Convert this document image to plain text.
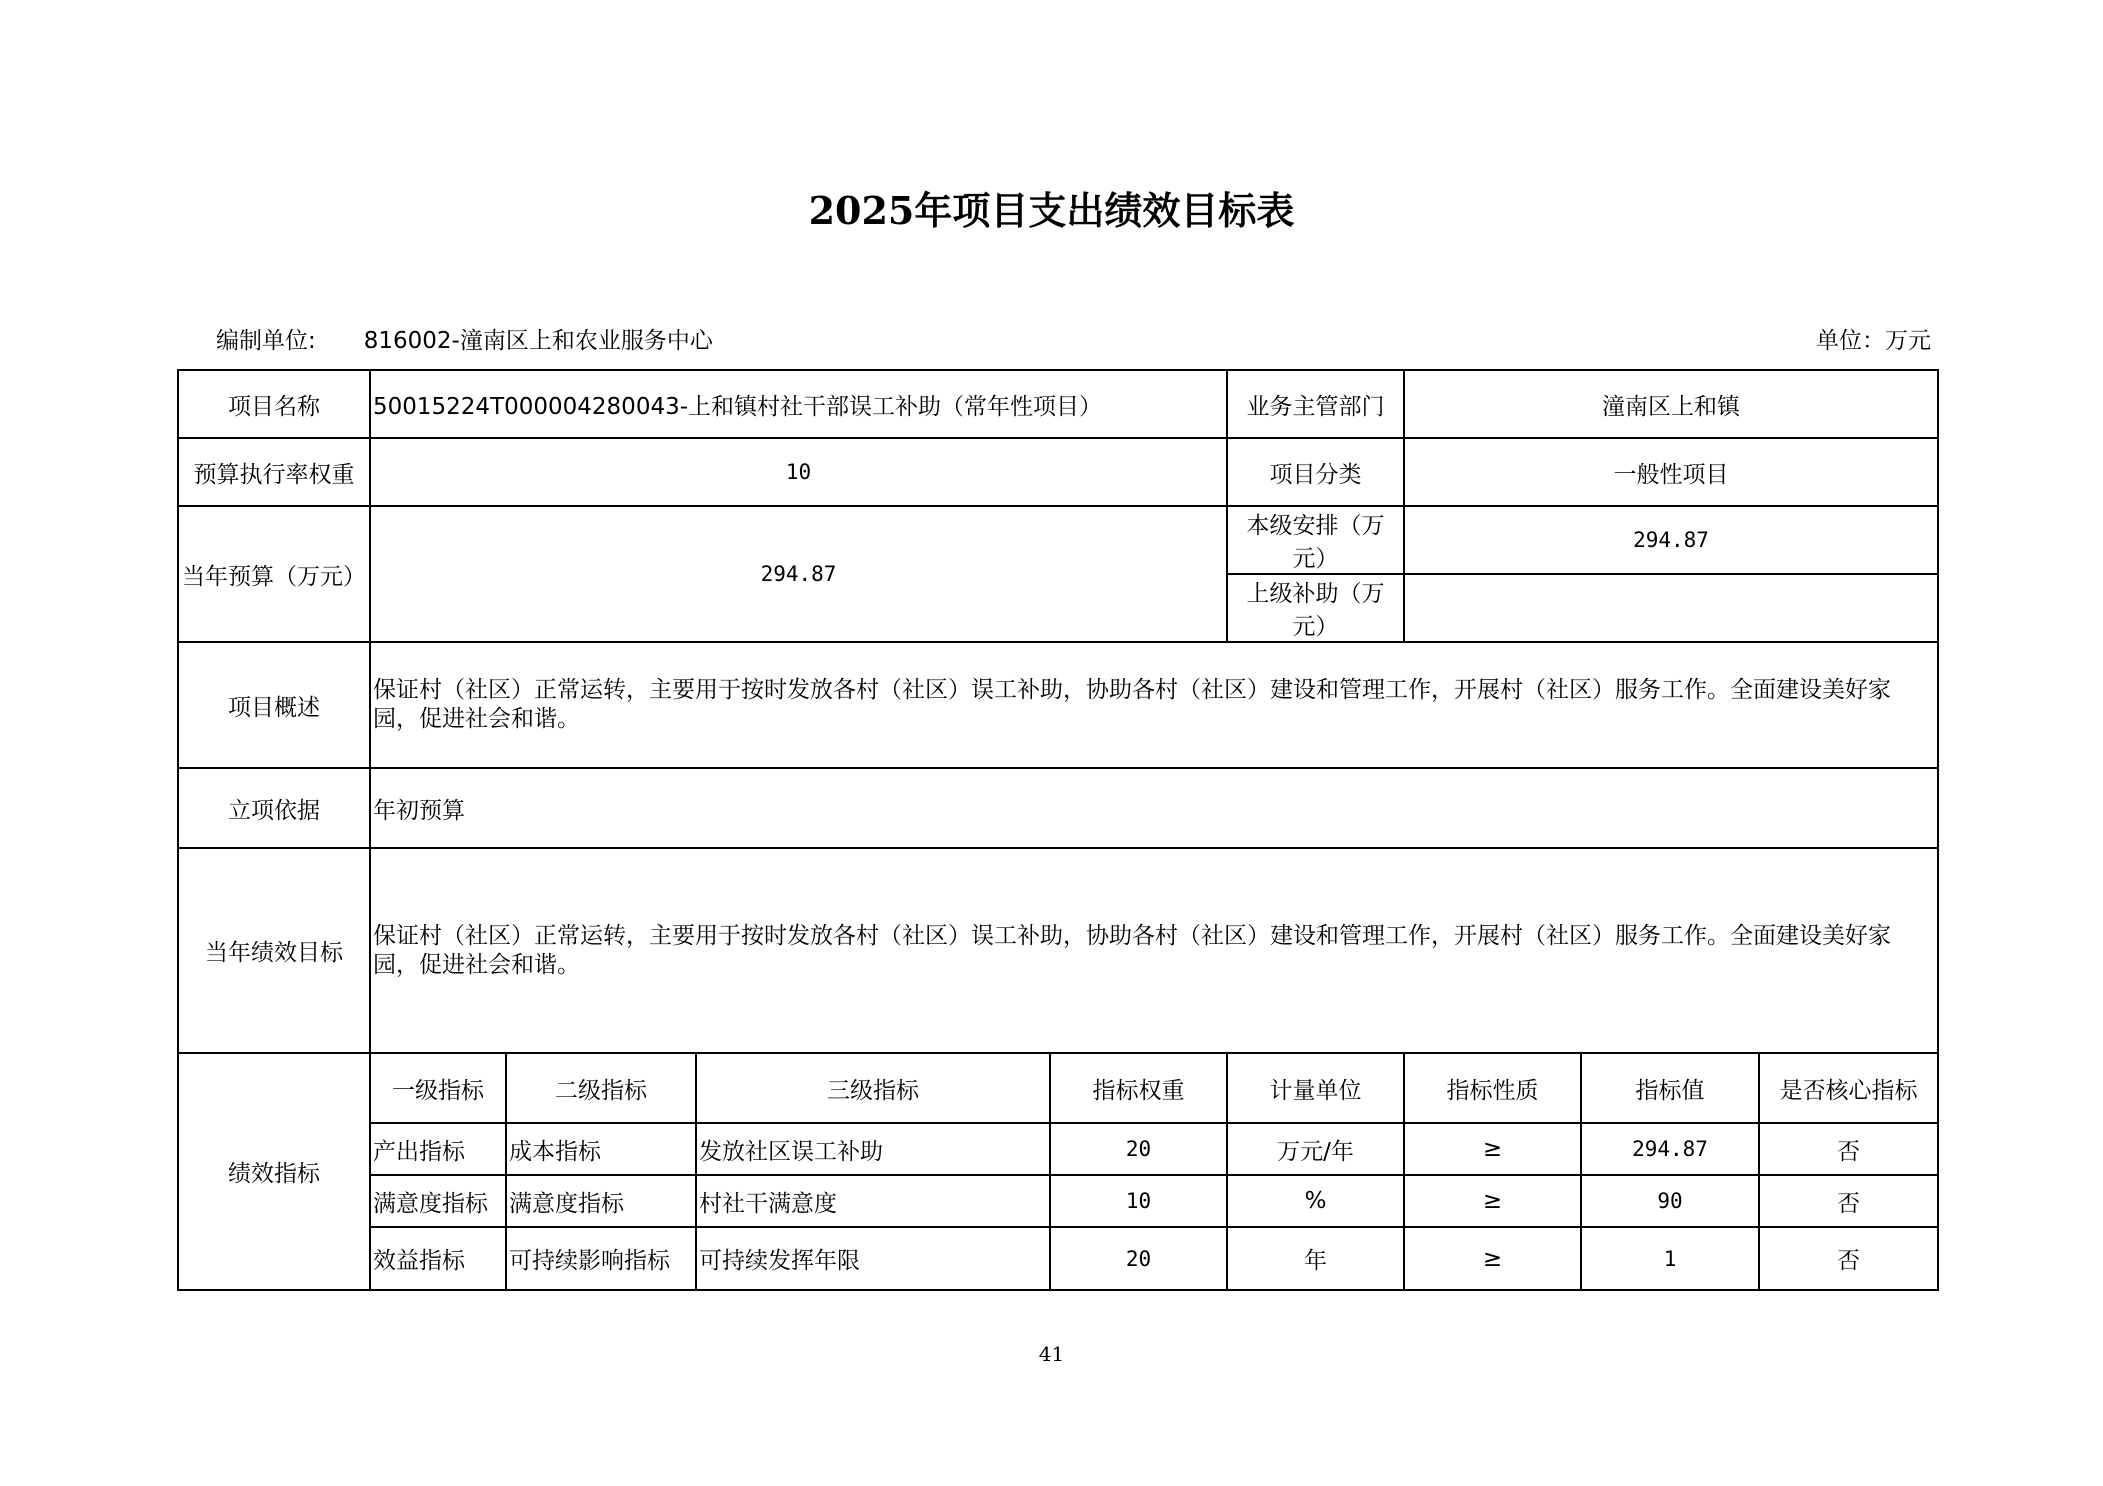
2025年项目支出绩效目标表
编制单位: 816002-潼南区上和农业服务中心	单位：万元
项目名称	50015224T000004280043-上和镇村社干部误工补助（常年性项目）				业务主管部门	潼南区上和镇		
预算执行率权重	10				项目分类	一般性项目		
当年预算（万元）	294.87				本级安排（万元）	294.87		
					上级补助（万元）			
项目概述	保证村（社区）正常运转，主要用于按时发放各村（社区）误工补助，协助各村（社区）建设和管理工作，开展村（社区）服务工作。全面建设美好家园，促进社会和谐。							
立项依据	年初预算							
当年绩效目标	保证村（社区）正常运转，主要用于按时发放各村（社区）误工补助，协助各村（社区）建设和管理工作，开展村（社区）服务工作。全面建设美好家园，促进社会和谐。							
绩效指标	一级指标	二级指标	三级指标	指标权重	计量单位	指标性质	指标值	是否核心指标
	产出指标	成本指标	发放社区误工补助	20	万元/年	≥	294.87	否
	满意度指标	满意度指标	村社干满意度	10	%	≥	90	否
	效益指标	可持续影响指标	可持续发挥年限	20	年	≥	1	否
41
